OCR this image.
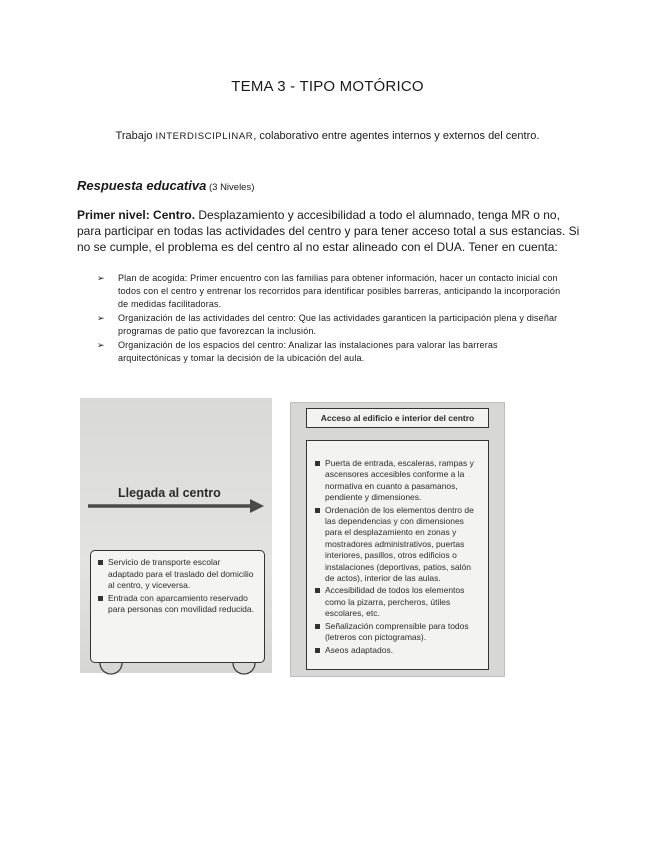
TEMA 3 - TIPO MOTÓRICO
Trabajo INTERDISCIPLINAR, colaborativo entre agentes internos y externos del centro.
Respuesta educativa (3 Niveles)
Primer nivel: Centro. Desplazamiento y accesibilidad a todo el alumnado, tenga MR o no, para participar en todas las actividades del centro y para tener acceso total a sus estancias. Si no se cumple, el problema es del centro al no estar alineado con el DUA. Tener en cuenta:
➢ Plan de acogida: Primer encuentro con las familias para obtener información, hacer un contacto inicial con todos con el centro y entrenar los recorridos para identificar posibles barreras, anticipando la incorporación de medidas facilitadoras.
➢ Organización de las actividades del centro: Que las actividades garanticen la participación plena y diseñar programas de patio que favorezcan la inclusión.
➢ Organización de los espacios del centro: Analizar las instalaciones para valorar las barreras arquitectónicas y tomar la decisión de la ubicación del aula.
Llegada al centro
Servicio de transporte escolar adaptado para el traslado del domicilio al centro, y viceversa.
Entrada con aparcamiento reservado para personas con movilidad reducida.
Acceso al edificio e interior del centro
Puerta de entrada, escaleras, rampas y ascensores accesibles conforme a la normativa en cuanto a pasamanos, pendiente y dimensiones.
Ordenación de los elementos dentro de las dependencias y con dimensiones para el desplazamiento en zonas y mostradores administrativos, puertas interiores, pasillos, otros edificios o instalaciones (deportivas, patios, salón de actos), interior de las aulas.
Accesibilidad de todos los elementos como la pizarra, percheros, útiles escolares, etc.
Señalización comprensible para todos (letreros con pictogramas).
Aseos adaptados.
